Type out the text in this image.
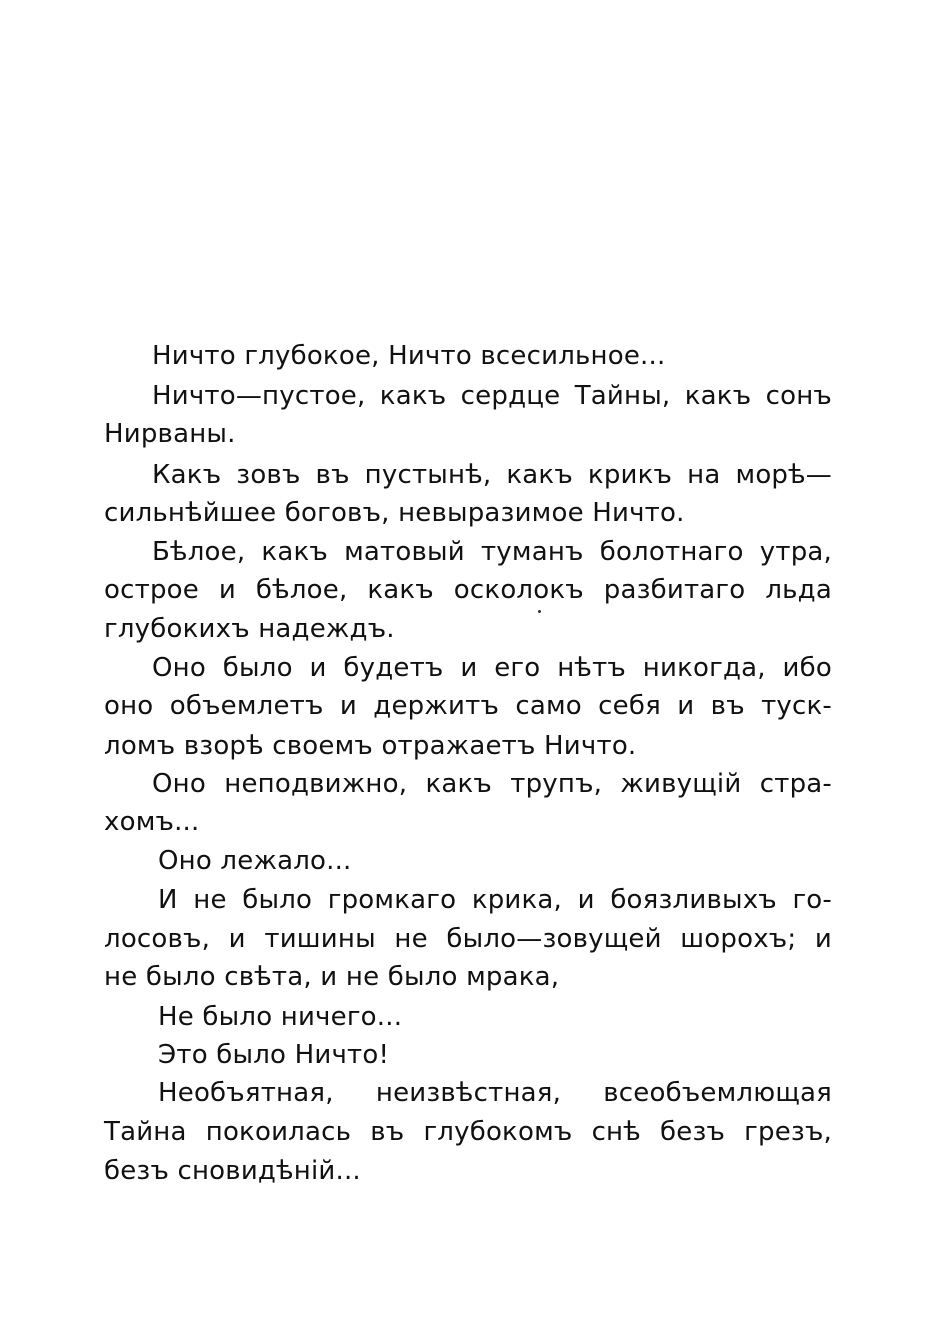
Ничто глубокое, Ничто всесильное...
Ничто—пустое, какъ сердце Тайны, какъ сонъ
Нирваны.
Какъ зовъ въ пустынѣ, какъ крикъ на морѣ—
сильнѣйшее боговъ, невыразимое Ничто.
Бѣлое, какъ матовый туманъ болотнаго утра,
острое и бѣлое, какъ осколокъ разбитаго льда
глубокихъ надеждъ.
Оно было и будетъ и его нѣтъ никогда, ибо
оно объемлетъ и держитъ само себя и въ туск-
ломъ взорѣ своемъ отражаетъ Ничто.
Оно неподвижно, какъ трупъ, живущій стра-
хомъ...
Оно лежало...
И не было громкаго крика, и боязливыхъ го-
лосовъ, и тишины не было—зовущей шорохъ; и
не было свѣта, и не было мрака,
Не было ничего...
Это было Ничто!
Необъятная, неизвѣстная, всеобъемлющая
Тайна покоилась въ глубокомъ снѣ безъ грезъ,
безъ сновидѣній...
